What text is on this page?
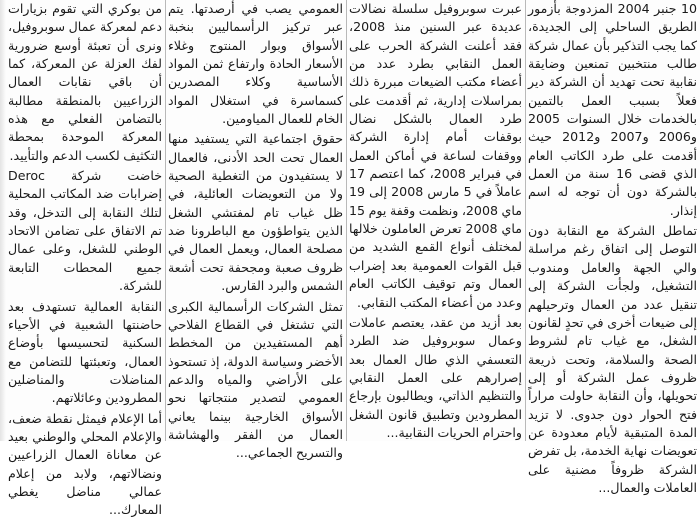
10 جنبر 2004 المزدوجة بأزمور الطريق الساحلي إلى الجديدة، كما يجب التذكير بأن عمال شركة طالب منتخبين تمنعين وضايقة نقابية تحت تهديد أن الشركة دير فعلاً بسبب العمل بالتمين بالخدمات خلال السنوات 2005 و2006 و2007 و2012 حيث أقدمت على طرد الكاتب العام الذي قضى 16 سنة من العمل بالشركة دون أن توجه له اسم إنذار.

تماطل الشركة مع النقابة دون التوصل إلى اتفاق رغم مراسلة والي الجهة والعامل ومندوب التشغيل، ولجأت الشركة إلى تنقيل عدد من العمال وترحيلهم إلى ضيعات أخرى في تحدٍ لقانون الشغل، مع غياب تام لشروط الصحة والسلامة، وتحت ذريعة ظروف عمل الشركة أو إلى تحويلها، وأن النقابة حاولت مراراً فتح الحوار دون جدوى. لا تزيد المدة المتبقية لأيام معدودة عن تعويضات نهاية الخدمة، بل تفرض الشركة ظروفاً مضنية على العاملات والعمال...

عبرت سوبروفيل سلسلة نضالات عديدة عبر السنين منذ 2008، فقد أعلنت الشركة الحرب على العمل النقابي بطرد عدد من أعضاء مكتب الضيعات مبررة ذلك بمراسلات إدارية، ثم أقدمت على طرد العمال بالشكل نضال بوقفات أمام إدارة الشركة ووقفات لساعة في أماكن العمل في فبراير 2008، كما اعتصم 17 عاملاً في 5 مارس 2008 إلى 19 ماي 2008، ونظمت وقفة يوم 15 ماي 2008 تعرض العاملون خلالها لمختلف أنواع القمع الشديد من قبل القوات العمومية بعد إضراب العمال وتم توقيف الكاتب العام وعدد من أعضاء المكتب النقابي.

بعد أزيد من عقد، يعتصم عاملات وعمال سوبروفيل ضد الطرد التعسفي الذي طال العمال بعد إصرارهم على العمل النقابي والتنظيم الذاتي، ويطالبون بإرجاع المطرودين وتطبيق قانون الشغل واحترام الحريات النقابية...

العمومي يصب في أرصدتها. يتم عبر تركيز الرأسماليين بنخبة الأسواق وبوار المنتوج وغلاء الأسعار الحادة وارتفاع ثمن المواد الأساسية وكلاء المصدرين كسماسرة في استغلال المواد الخام للعمال المياومين.

حقوق اجتماعية التي يستفيد منها العمال تحت الحد الأدنى، فالعمال لا يستفيدون من التغطية الصحية ولا من التعويضات العائلية، في ظل غياب تام لمفتشي الشغل الذين يتواطؤون مع الباطرونا ضد مصلحة العمال، ويعمل العمال في ظروف صعبة ومجحفة تحت أشعة الشمس والبرد القارس.

تمثل الشركات الرأسمالية الكبرى التي تشتغل في القطاع الفلاحي أهم المستفيدين من المخطط الأخضر وسياسة الدولة، إذ تستحوذ على الأراضي والمياه والدعم العمومي لتصدير منتجاتها نحو الأسواق الخارجية بينما يعاني العمال من الفقر والهشاشة والتسريح الجماعي...

من بوكري التي تقوم بزيارات دعم لمعركة عمال سوبروفيل، ونرى أن تعبئة أوسع ضرورية لفك العزلة عن المعركة، كما أن باقي نقابات العمال الزراعيين بالمنطقة مطالبة بالتضامن الفعلي مع هذه المعركة الموحدة بمحطة التكثيف لكسب الدعم والتأييد.

خاضت شركة Deroc إضرابات ضد المكاتب المحلية لتلك النقابة إلى التدخل، وقد تم الاتفاق على تضامن الاتحاد الوطني للشغل، وعلى عمال جميع المحطات التابعة للشركة.

النقابة العمالية تستهدف بعد حاضنتها الشعبية في الأحياء السكنية لتحسيسها بأوضاع العمال، وتعبئتها للتضامن مع المناضلات والمناضلين المطرودين وعائلاتهم.

أما الإعلام فيمثل نقطة ضعف، والإعلام المحلي والوطني بعيد عن معاناة العمال الزراعيين ونضالاتهم، ولابد من إعلام عمالي مناضل يغطي المعارك...
